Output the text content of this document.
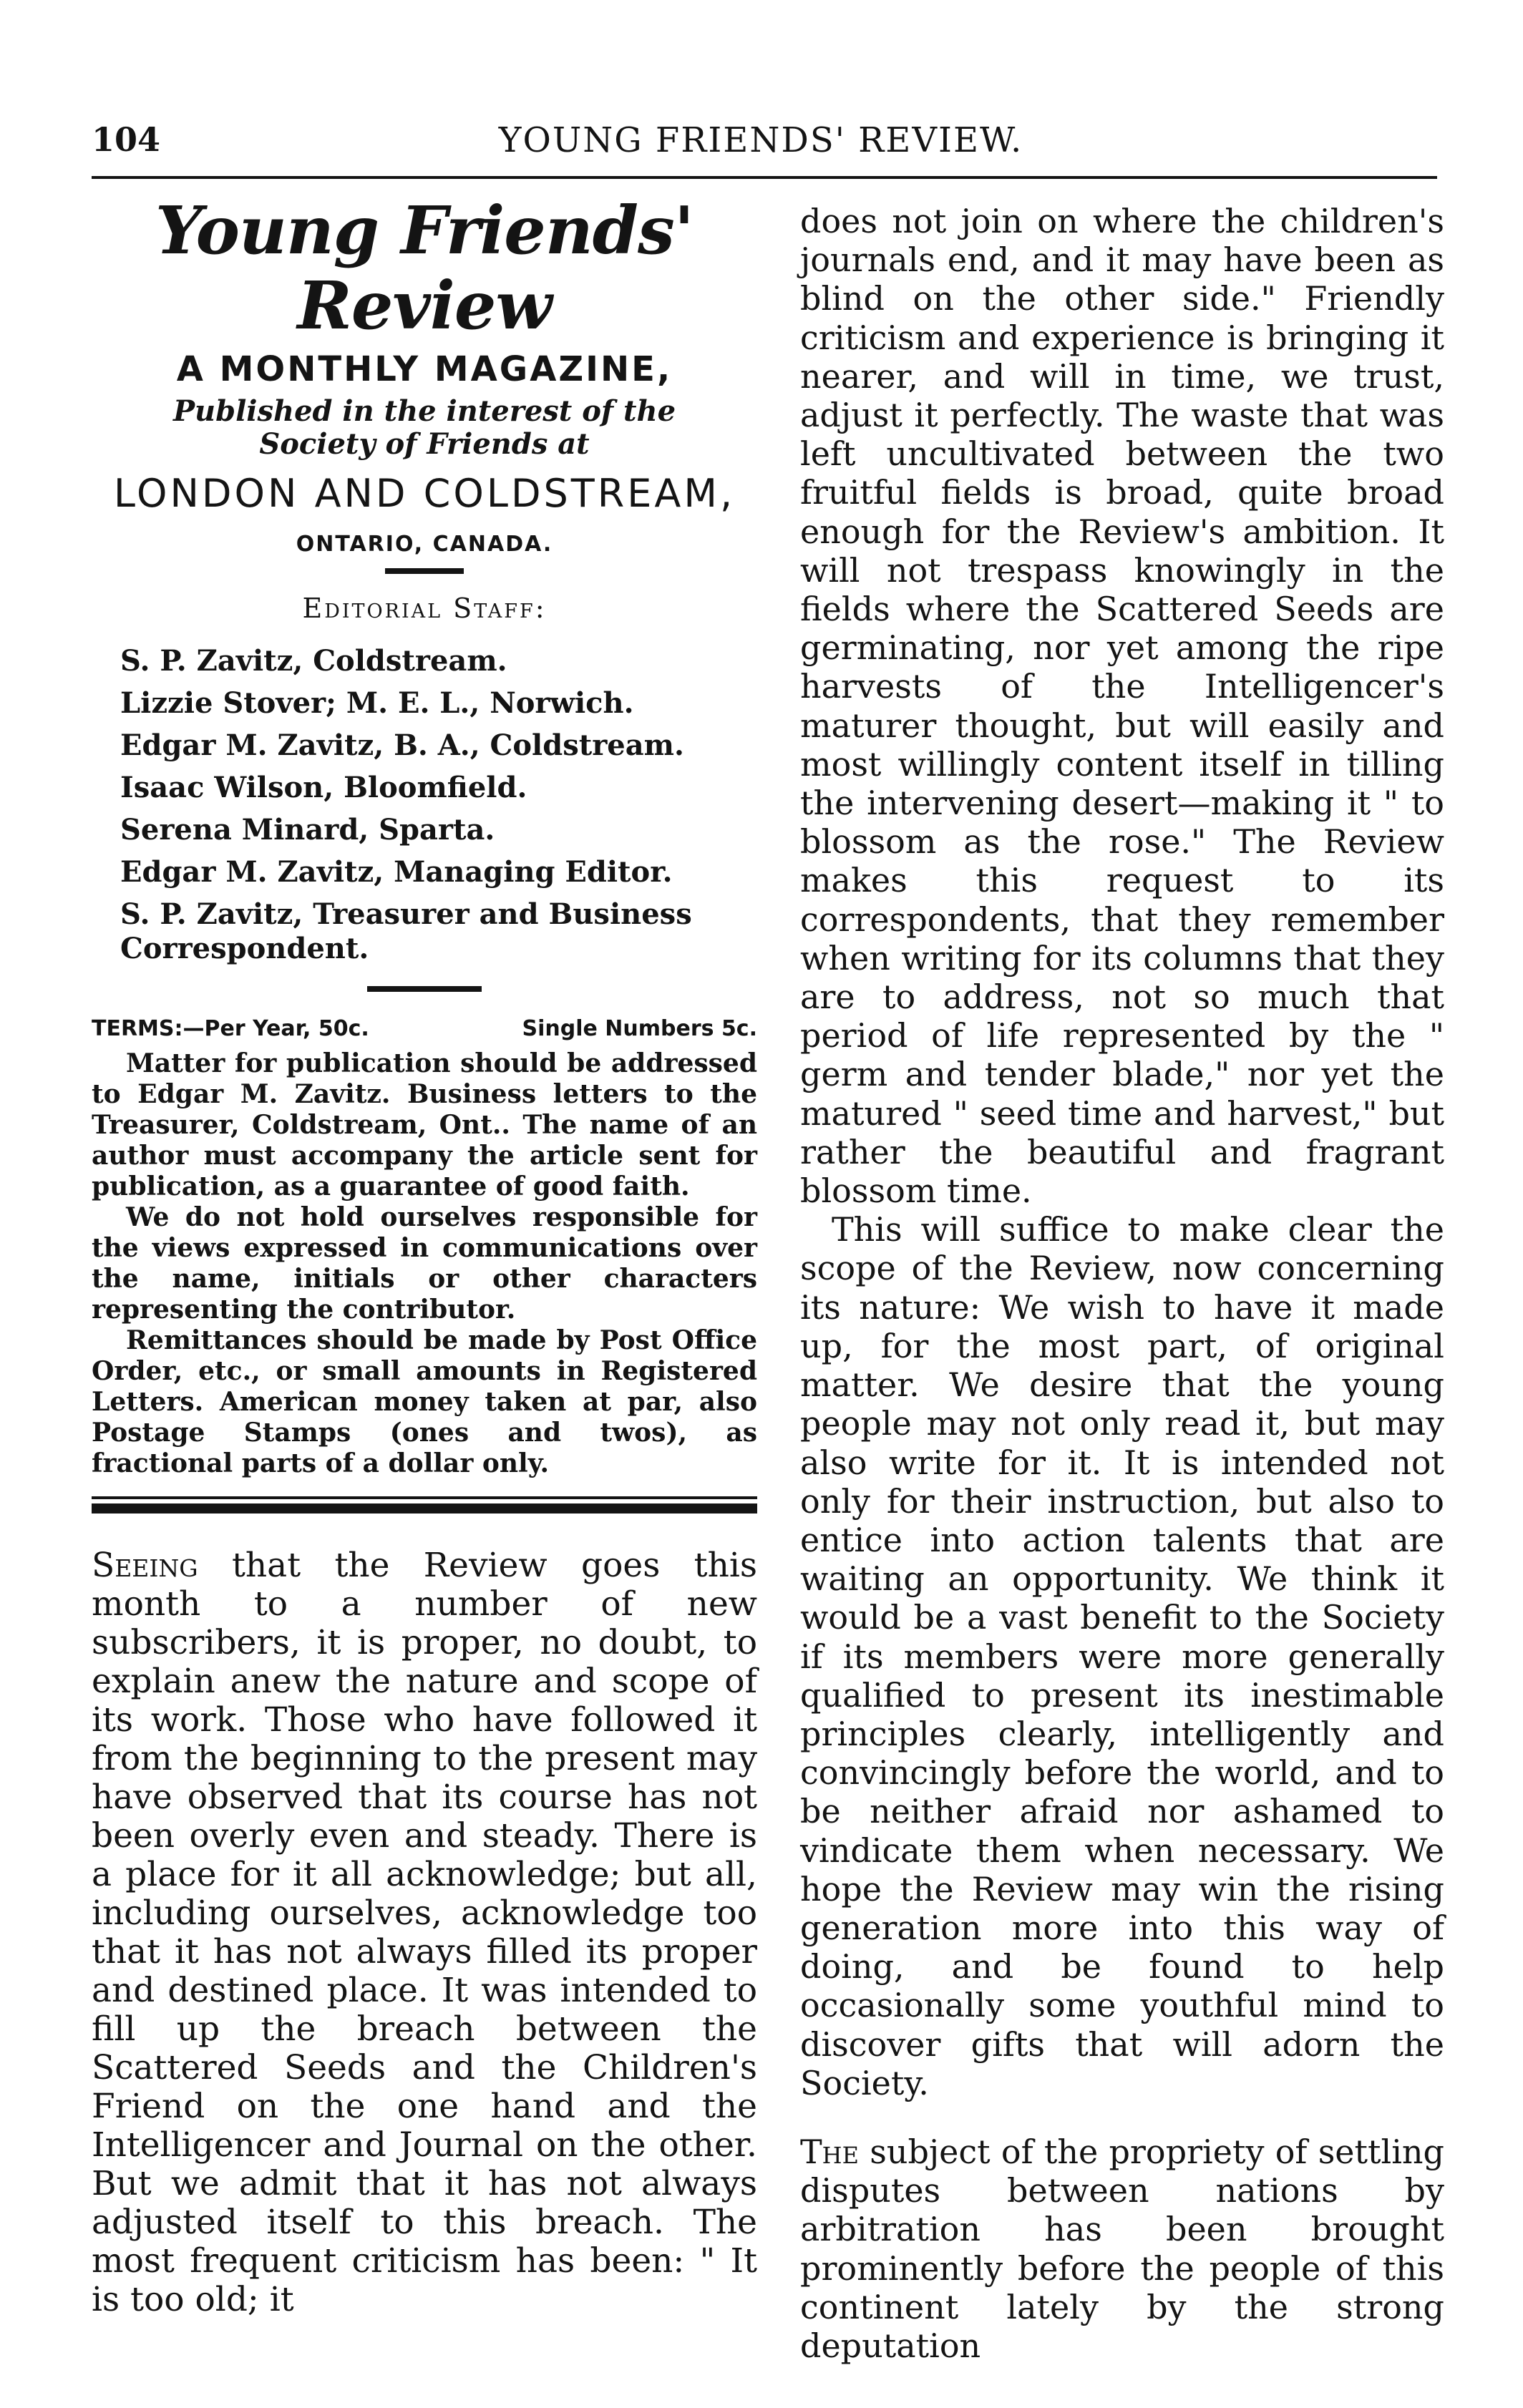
104	YOUNG FRIENDS' REVIEW.
Young Friends' Review
A MONTHLY MAGAZINE,
Published in the interest of the Society of Friends at
LONDON AND COLDSTREAM,
ONTARIO, CANADA.
Editorial Staff:
S. P. Zavitz, Coldstream.
Lizzie Stover; M. E. L., Norwich.
Edgar M. Zavitz, B. A., Coldstream.
Isaac Wilson, Bloomfield.
Serena Minard, Sparta.
Edgar M. Zavitz, Managing Editor.
S. P. Zavitz, Treasurer and Business Correspondent.
TERMS:—Per Year, 50c.	Single Numbers 5c.

Matter for publication should be addressed to Edgar M. Zavitz. Business letters to the Treasurer, Coldstream, Ont.. The name of an author must accompany the article sent for publication, as a guarantee of good faith.

We do not hold ourselves responsible for the views expressed in communications over the name, initials or other characters representing the contributor.

Remittances should be made by Post Office Order, etc., or small amounts in Registered Letters. American money taken at par, also Postage Stamps (ones and twos), as fractional parts of a dollar only.

Seeing that the Review goes this month to a number of new subscribers, it is proper, no doubt, to explain anew the nature and scope of its work. Those who have followed it from the beginning to the present may have observed that its course has not been overly even and steady. There is a place for it all acknowledge; but all, including ourselves, acknowledge too that it has not always filled its proper and destined place. It was intended to fill up the breach between the Scattered Seeds and the Children's Friend on the one hand and the Intelligencer and Journal on the other. But we admit that it has not always adjusted itself to this breach. The most frequent criticism has been: " It is too old; it

does not join on where the children's journals end, and it may have been as blind on the other side." Friendly criticism and experience is bringing it nearer, and will in time, we trust, adjust it perfectly. The waste that was left uncultivated between the two fruitful fields is broad, quite broad enough for the Review's ambition. It will not trespass knowingly in the fields where the Scattered Seeds are germinating, nor yet among the ripe harvests of the Intelligencer's maturer thought, but will easily and most willingly content itself in tilling the intervening desert—making it " to blossom as the rose." The Review makes this request to its correspondents, that they remember when writing for its columns that they are to address, not so much that period of life represented by the " germ and tender blade," nor yet the matured " seed time and harvest," but rather the beautiful and fragrant blossom time.

This will suffice to make clear the scope of the Review, now concerning its nature: We wish to have it made up, for the most part, of original matter. We desire that the young people may not only read it, but may also write for it. It is intended not only for their instruction, but also to entice into action talents that are waiting an opportunity. We think it would be a vast benefit to the Society if its members were more generally qualified to present its inestimable principles clearly, intelligently and convincingly before the world, and to be neither afraid nor ashamed to vindicate them when necessary. We hope the Review may win the rising generation more into this way of doing, and be found to help occasionally some youthful mind to discover gifts that will adorn the Society.

The subject of the propriety of settling disputes between nations by arbitration has been brought prominently before the people of this continent lately by the strong deputation
